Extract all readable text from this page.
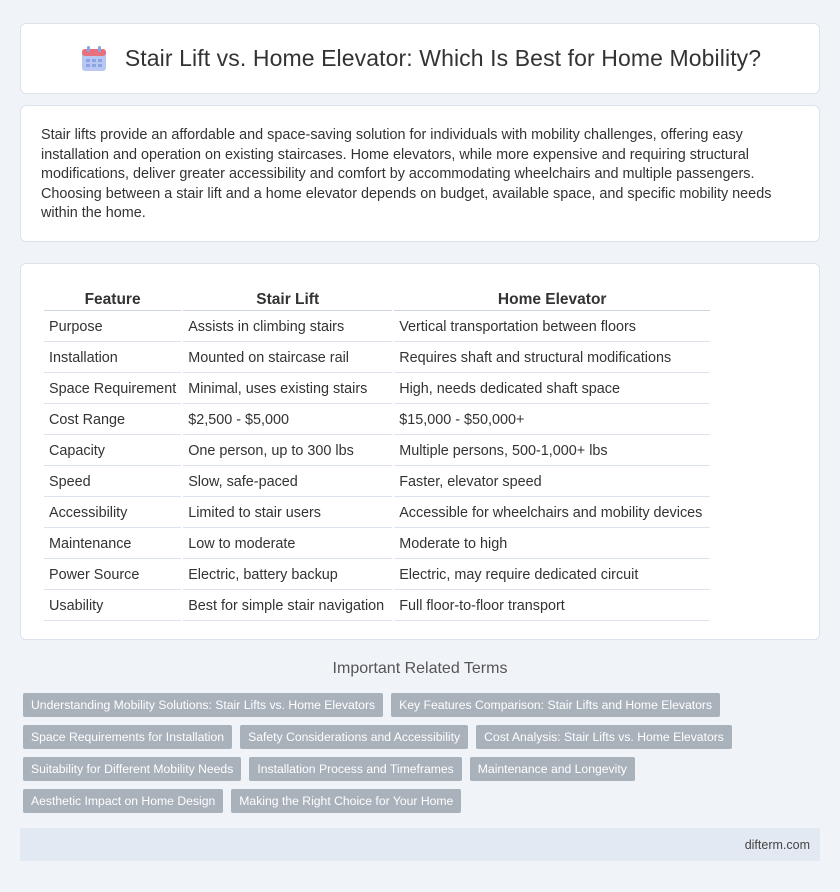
Stair Lift vs. Home Elevator: Which Is Best for Home Mobility?

Stair lifts provide an affordable and space-saving solution for individuals with mobility challenges, offering easy installation and operation on existing staircases. Home elevators, while more expensive and requiring structural modifications, deliver greater accessibility and comfort by accommodating wheelchairs and multiple passengers. Choosing between a stair lift and a home elevator depends on budget, available space, and specific mobility needs within the home.

Feature	Stair Lift	Home Elevator
Purpose	Assists in climbing stairs	Vertical transportation between floors
Installation	Mounted on staircase rail	Requires shaft and structural modifications
Space Requirement	Minimal, uses existing stairs	High, needs dedicated shaft space
Cost Range	$2,500 - $5,000	$15,000 - $50,000+
Capacity	One person, up to 300 lbs	Multiple persons, 500-1,000+ lbs
Speed	Slow, safe-paced	Faster, elevator speed
Accessibility	Limited to stair users	Accessible for wheelchairs and mobility devices
Maintenance	Low to moderate	Moderate to high
Power Source	Electric, battery backup	Electric, may require dedicated circuit
Usability	Best for simple stair navigation	Full floor-to-floor transport
Important Related Terms
Understanding Mobility Solutions: Stair Lifts vs. Home Elevators	Key Features Comparison: Stair Lifts and Home Elevators
Space Requirements for Installation	Safety Considerations and Accessibility	Cost Analysis: Stair Lifts vs. Home Elevators
Suitability for Different Mobility Needs	Installation Process and Timeframes	Maintenance and Longevity
Aesthetic Impact on Home Design	Making the Right Choice for Your Home
difterm.com
